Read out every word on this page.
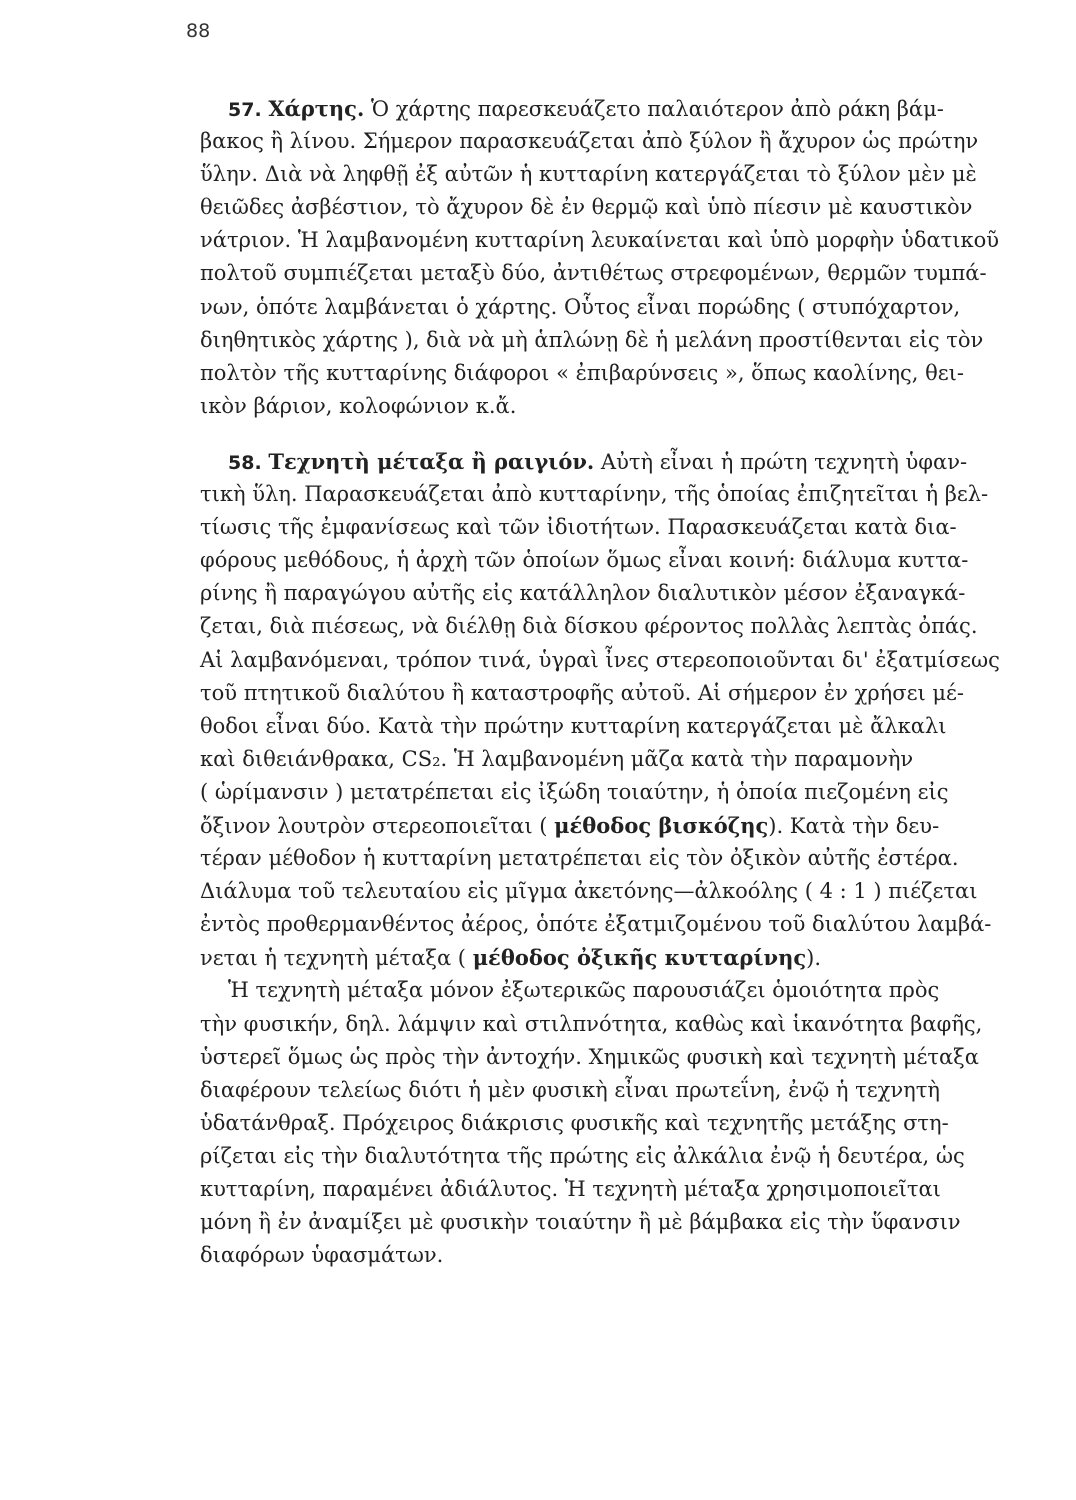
88
57. Χάρτης. Ὁ χάρτης παρεσκευάζετο παλαιότερον ἀπὸ ράκη βάμ-
βακος ἢ λίνου. Σήμερον παρασκευάζεται ἀπὸ ξύλον ἢ ἄχυρον ὡς πρώτην
ὕλην. Διὰ νὰ ληφθῇ ἐξ αὐτῶν ἡ κυτταρίνη κατεργάζεται τὸ ξύλον μὲν μὲ
θειῶδες ἀσβέστιον, τὸ ἄχυρον δὲ ἐν θερμῷ καὶ ὑπὸ πίεσιν μὲ καυστικὸν
νάτριον. Ἡ λαμβανομένη κυτταρίνη λευκαίνεται καὶ ὑπὸ μορφὴν ὑδατικοῦ
πολτοῦ συμπιέζεται μεταξὺ δύο, ἀντιθέτως στρεφομένων, θερμῶν τυμπά-
νων, ὁπότε λαμβάνεται ὁ χάρτης. Οὗτος εἶναι πορώδης ( στυπόχαρτον,
διηθητικὸς χάρτης ), διὰ νὰ μὴ ἁπλώνῃ δὲ ἡ μελάνη προστίθενται εἰς τὸν
πολτὸν τῆς κυτταρίνης διάφοροι « ἐπιβαρύνσεις », ὅπως καολίνης, θει-
ικὸν βάριον, κολοφώνιον κ.ἄ.
58. Τεχνητὴ μέταξα ἢ ραιγιόν. Αὐτὴ εἶναι ἡ πρώτη τεχνητὴ ὑφαν-
τικὴ ὕλη. Παρασκευάζεται ἀπὸ κυτταρίνην, τῆς ὁποίας ἐπιζητεῖται ἡ βελ-
τίωσις τῆς ἐμφανίσεως καὶ τῶν ἰδιοτήτων. Παρασκευάζεται κατὰ δια-
φόρους μεθόδους, ἡ ἀρχὴ τῶν ὁποίων ὅμως εἶναι κοινή: διάλυμα κυττα-
ρίνης ἢ παραγώγου αὐτῆς εἰς κατάλληλον διαλυτικὸν μέσον ἐξαναγκά-
ζεται, διὰ πιέσεως, νὰ διέλθῃ διὰ δίσκου φέροντος πολλὰς λεπτὰς ὀπάς.
Αἱ λαμβανόμεναι, τρόπον τινά, ὑγραὶ ἶνες στερεοποιοῦνται δι' ἐξατμίσεως
τοῦ πτητικοῦ διαλύτου ἢ καταστροφῆς αὐτοῦ. Αἱ σήμερον ἐν χρήσει μέ-
θοδοι εἶναι δύο. Κατὰ τὴν πρώτην κυτταρίνη κατεργάζεται μὲ ἄλκαλι
καὶ διθειάνθρακα, CS₂. Ἡ λαμβανομένη μᾶζα κατὰ τὴν παραμονὴν
( ὡρίμανσιν ) μετατρέπεται εἰς ἰξώδη τοιαύτην, ἡ ὁποία πιεζομένη εἰς
ὄξινον λουτρὸν στερεοποιεῖται ( μέθοδος βισκόζης). Κατὰ τὴν δευ-
τέραν μέθοδον ἡ κυτταρίνη μετατρέπεται εἰς τὸν ὀξικὸν αὐτῆς ἐστέρα.
Διάλυμα τοῦ τελευταίου εἰς μῖγμα ἀκετόνης—ἀλκοόλης ( 4 : 1 ) πιέζεται
ἐντὸς προθερμανθέντος ἀέρος, ὁπότε ἐξατμιζομένου τοῦ διαλύτου λαμβά-
νεται ἡ τεχνητὴ μέταξα ( μέθοδος ὀξικῆς κυτταρίνης).
Ἡ τεχνητὴ μέταξα μόνον ἐξωτερικῶς παρουσιάζει ὁμοιότητα πρὸς
τὴν φυσικήν, δηλ. λάμψιν καὶ στιλπνότητα, καθὼς καὶ ἱκανότητα βαφῆς,
ὑστερεῖ ὅμως ὡς πρὸς τὴν ἀντοχήν. Χημικῶς φυσικὴ καὶ τεχνητὴ μέταξα
διαφέρουν τελείως διότι ἡ μὲν φυσικὴ εἶναι πρωτεΐνη, ἐνῷ ἡ τεχνητὴ
ὑδατάνθραξ. Πρόχειρος διάκρισις φυσικῆς καὶ τεχνητῆς μετάξης στη-
ρίζεται εἰς τὴν διαλυτότητα τῆς πρώτης εἰς ἀλκάλια ἐνῷ ἡ δευτέρα, ὡς
κυτταρίνη, παραμένει ἀδιάλυτος. Ἡ τεχνητὴ μέταξα χρησιμοποιεῖται
μόνη ἢ ἐν ἀναμίξει μὲ φυσικὴν τοιαύτην ἢ μὲ βάμβακα εἰς τὴν ὕφανσιν
διαφόρων ὑφασμάτων.
